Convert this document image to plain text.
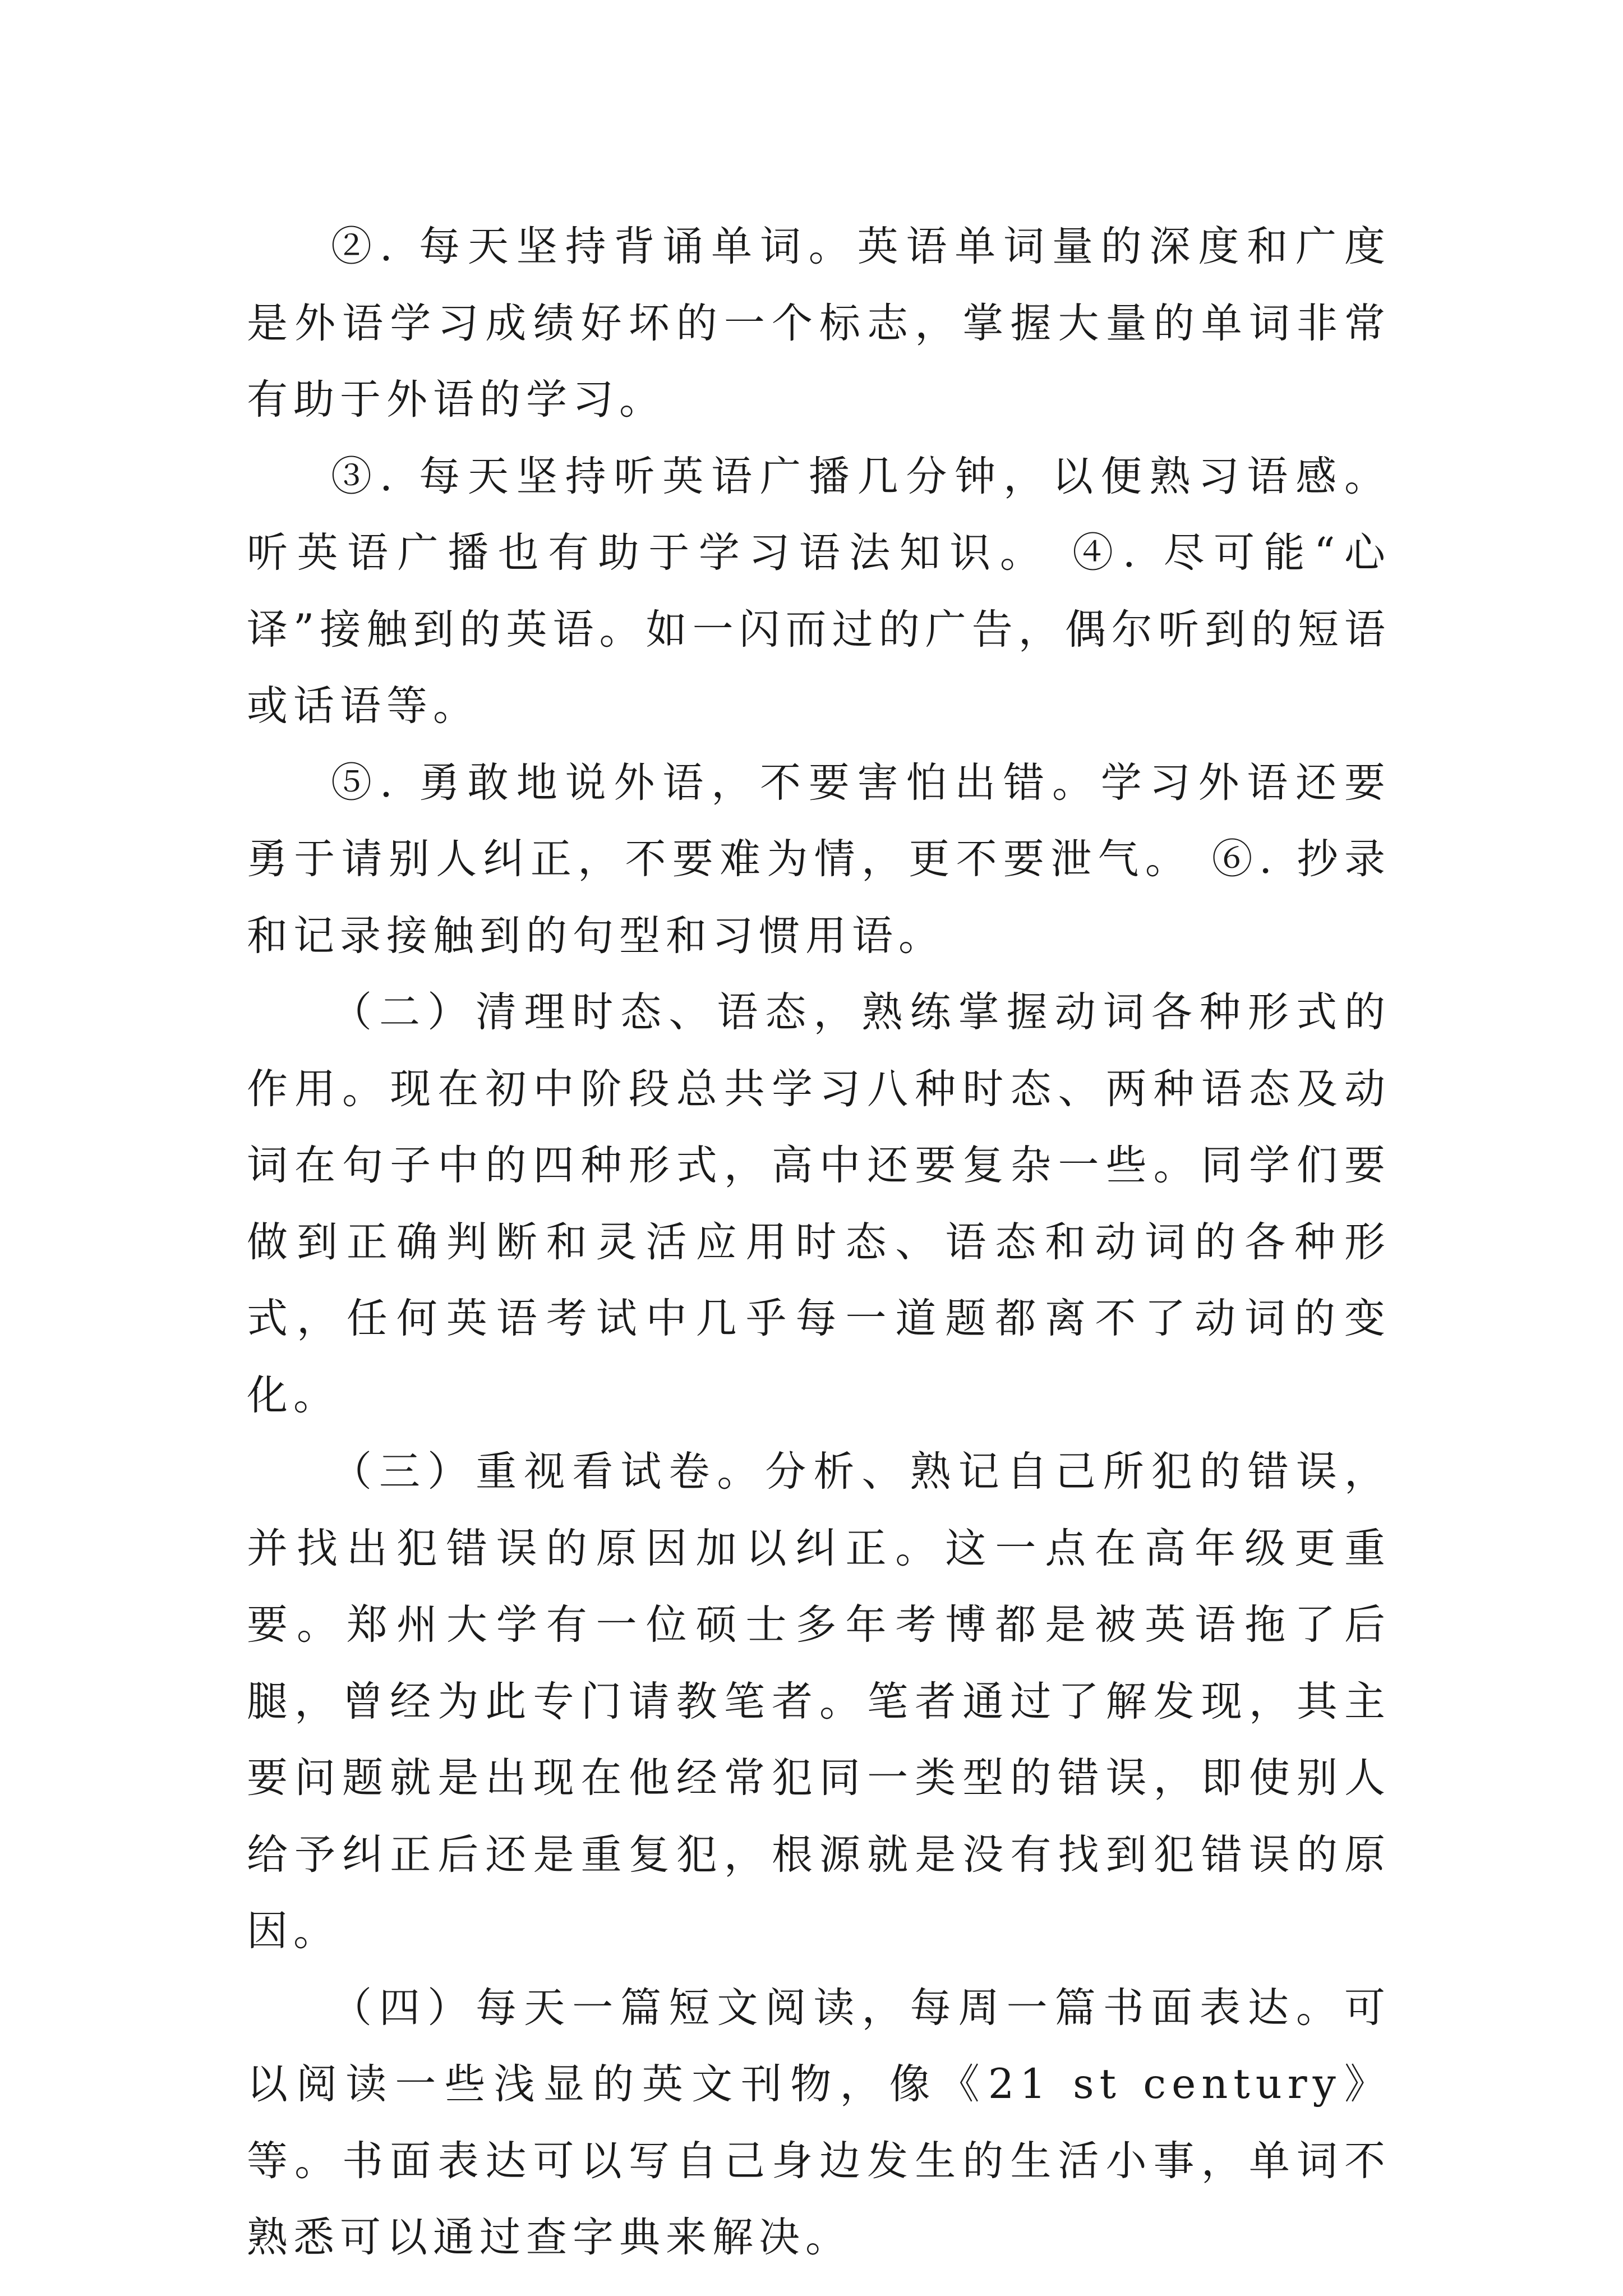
②. 每天坚持背诵单词。英语单词量的深度和广度是外语学习成绩好坏的一个标志，掌握大量的单词非常有助于外语的学习。

③. 每天坚持听英语广播几分钟，以便熟习语感。听英语广播也有助于学习语法知识。 ④. 尽可能“心译”接触到的英语。如一闪而过的广告，偶尔听到的短语或话语等。

⑤. 勇敢地说外语，不要害怕出错。学习外语还要勇于请别人纠正，不要难为情，更不要泄气。 ⑥. 抄录和记录接触到的句型和习惯用语。

（二）清理时态、语态，熟练掌握动词各种形式的作用。现在初中阶段总共学习八种时态、两种语态及动词在句子中的四种形式，高中还要复杂一些。同学们要做到正确判断和灵活应用时态、语态和动词的各种形式，任何英语考试中几乎每一道题都离不了动词的变化。

（三）重视看试卷。分析、熟记自己所犯的错误，并找出犯错误的原因加以纠正。这一点在高年级更重要。郑州大学有一位硕士多年考博都是被英语拖了后腿，曾经为此专门请教笔者。笔者通过了解发现，其主要问题就是出现在他经常犯同一类型的错误，即使别人给予纠正后还是重复犯，根源就是没有找到犯错误的原因。

（四）每天一篇短文阅读，每周一篇书面表达。可以阅读一些浅显的英文刊物，像《21 st century》等。书面表达可以写自己身边发生的生活小事，单词不熟悉可以通过查字典来解决。
